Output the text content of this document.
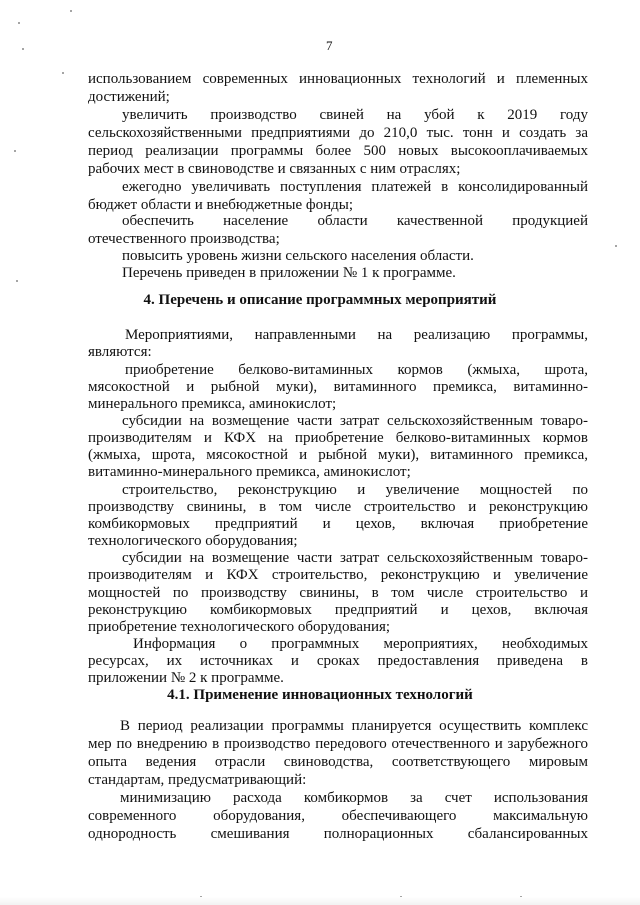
7
использованием современных инновационных технологий и племенных
достижений;
увеличить производство свиней на убой к 2019 году
сельскохозяйственными предприятиями до 210,0 тыс. тонн и создать за
период реализации программы более 500 новых высокооплачиваемых
рабочих мест в свиноводстве и связанных с ним отраслях;
ежегодно увеличивать поступления платежей в консолидированный
бюджет области и внебюджетные фонды;
обеспечить население области качественной продукцией
отечественного производства;
повысить уровень жизни сельского населения области.
Перечень приведен в приложении № 1 к программе.
4. Перечень и описание программных мероприятий
Мероприятиями, направленными на реализацию программы,
являются:
приобретение белково-витаминных кормов (жмыха, шрота,
мясокостной и рыбной муки), витаминного премикса, витаминно-
минерального премикса, аминокислот;
субсидии на возмещение части затрат сельскохозяйственным товаро-
производителям и КФХ на приобретение белково-витаминных кормов
(жмыха, шрота, мясокостной и рыбной муки), витаминного премикса,
витаминно-минерального премикса, аминокислот;
строительство, реконструкцию и увеличение мощностей по
производству свинины, в том числе строительство и реконструкцию
комбикормовых предприятий и цехов, включая приобретение
технологического оборудования;
субсидии на возмещение части затрат сельскохозяйственным товаро-
производителям и КФХ строительство, реконструкцию и увеличение
мощностей по производству свинины, в том числе строительство и
реконструкцию комбикормовых предприятий и цехов, включая
приобретение технологического оборудования;
Информация о программных мероприятиях, необходимых
ресурсах, их источниках и сроках предоставления приведена в
приложении № 2 к программе.
4.1. Применение инновационных технологий
В период реализации программы планируется осуществить комплекс
мер по внедрению в производство передового отечественного и зарубежного
опыта ведения отрасли свиноводства, соответствующего мировым
стандартам, предусматривающий:
минимизацию расхода комбикормов за счет использования
современного оборудования, обеспечивающего максимальную
однородность смешивания полнорационных сбалансированных
